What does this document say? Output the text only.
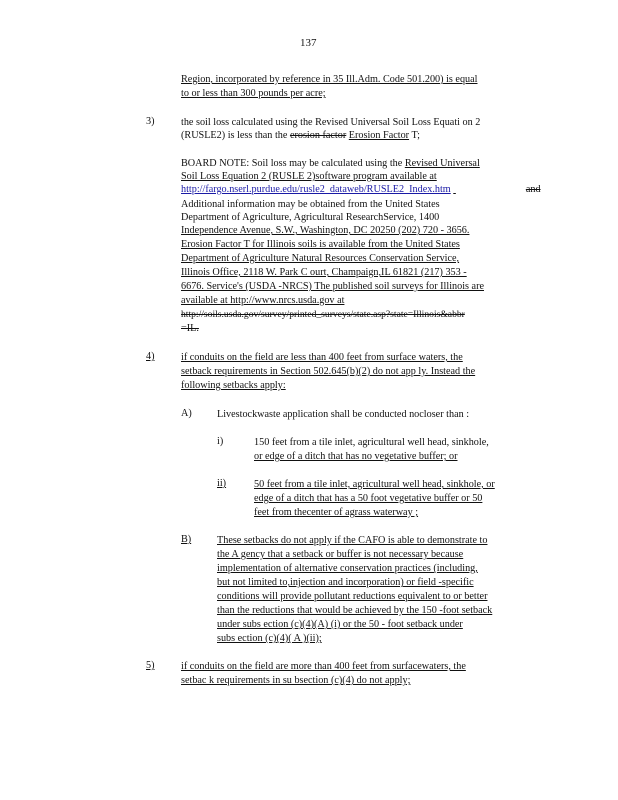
137
Region, incorporated by reference in 35 Ill.Adm. Code 501.200) is equal
to or less than 300 pounds per acre;
3)	the soil loss calculated using the Revised Universal Soil Loss Equati on 2
(RUSLE2) is less than the erosion factor Erosion Factor T;
BOARD NOTE: Soil loss may be calculated using the Revised Universal
Soil Loss Equation 2 (RUSLE 2)software program available at
http://fargo.nserl.purdue.edu/rusle2_dataweb/RUSLE2_Index.htm	and
Additional information may be obtained from the United States
Department of Agriculture, Agricultural ResearchService, 1400
Independence Avenue, S.W., Washington, DC 20250 (202) 720 - 3656.
Erosion Factor T for Illinois soils is available from the United States
Department of Agriculture Natural Resources Conservation Service,
Illinois Office, 2118 W. Park C ourt, Champaign,IL 61821 (217) 353 -
6676. Service's (USDA -NRCS) The published soil surveys for Illinois are
available at http://www.nrcs.usda.gov at
http://soils.usda.gov/survey/printed_surveys/state.asp?state=Illinois&abbr
=IL.
4)	if conduits on the field are less than 400 feet from surface waters, the
setback requirements in Section 502.645(b)(2) do not app ly. Instead the
following setbacks apply:
A) Livestockwaste application shall be conducted nocloser than :
i)	150 feet from a tile inlet, agricultural well head, sinkhole,
or edge of a ditch that has no vegetative buffer; or
ii)	50 feet from a tile inlet, agricultural well head, sinkhole, or
edge of a ditch that has a 50 foot vegetative buffer or 50
feet from thecenter of agrass waterway ;
B)	These setbacks do not apply if the CAFO is able to demonstrate to
the A gency that a setback or buffer is not necessary because
implementation of alternative conservation practices (including,
but not limited to,injection and incorporation) or field -specific
conditions will provide pollutant reductions equivalent to or better
than the reductions that would be achieved by the 150 -foot setback
under subs ection (c)(4)(A) (i) or the 50 - foot setback under
subs ection (c)(4)( A )(ii);
5)	if conduits on the field are more than 400 feet from surfacewaters, the
setbac k requirements in su bsection (c)(4) do not apply;
